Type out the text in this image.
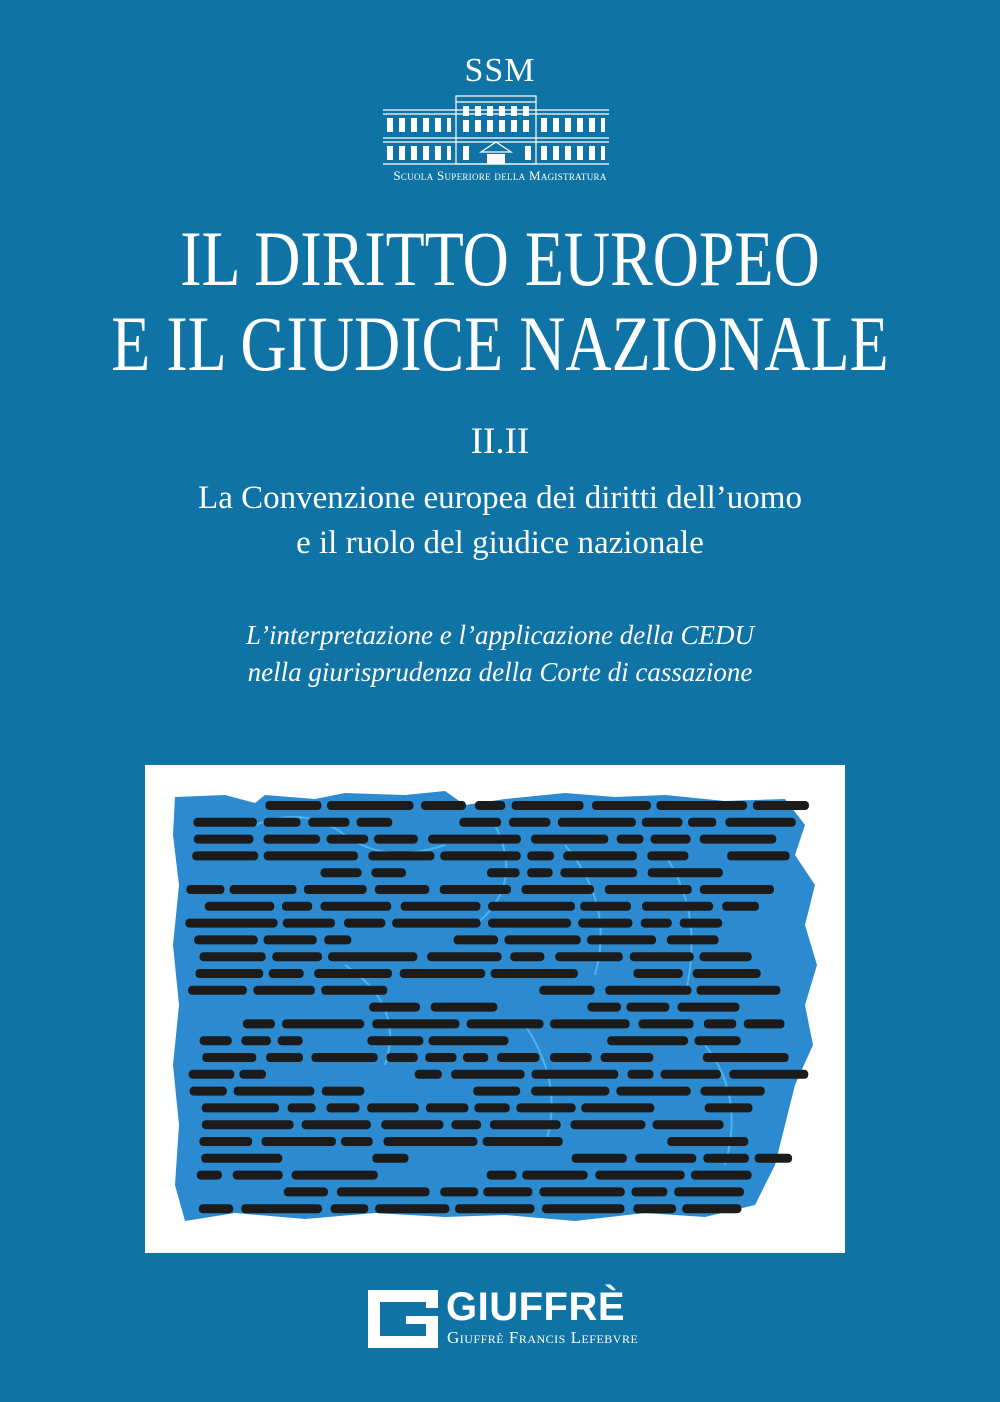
SSM
Scuola Superiore della Magistratura
IL DIRITTO EUROPEO
E IL GIUDICE NAZIONALE
II.II
La Convenzione europea dei diritti dell’uomo
e il ruolo del giudice nazionale
L’interpretazione e l’applicazione della CEDU
nella giurisprudenza della Corte di cassazione
GIUFFRÈ
Giuffrè Francis Lefebvre
